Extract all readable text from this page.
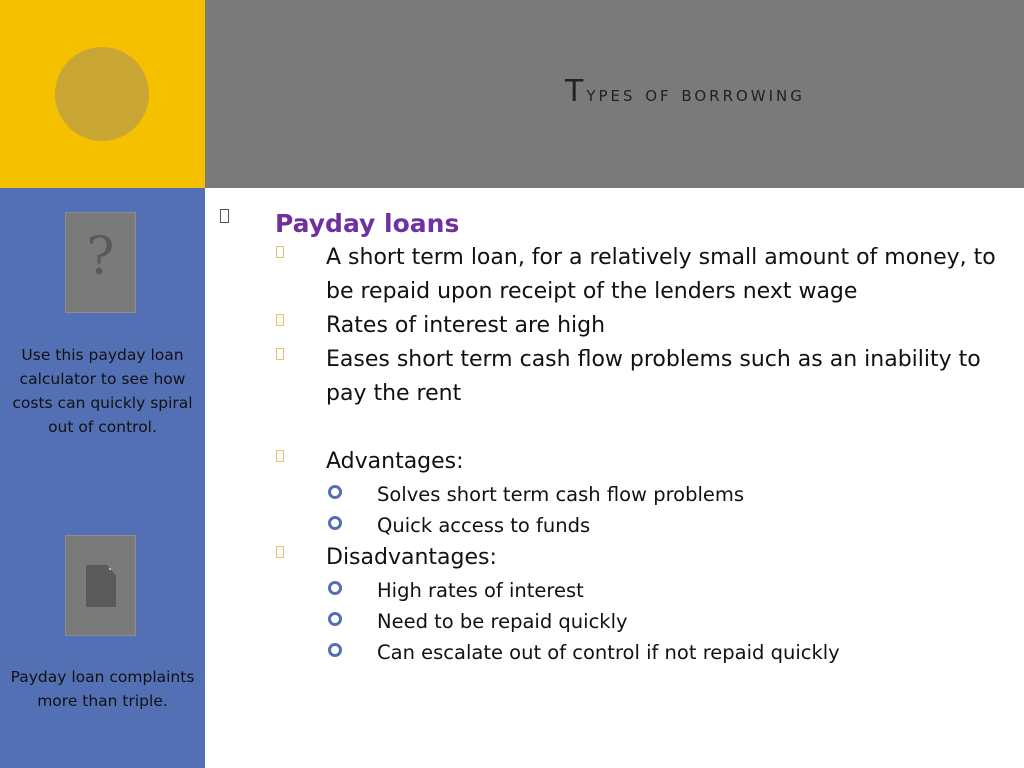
Types of borrowing
?
Use this payday loan calculator to see how costs can quickly spiral out of control.
Payday loan complaints more than triple.
Payday loans
A short term loan, for a relatively small amount of money, to be repaid upon receipt of the lenders next wage
Rates of interest are high
Eases short term cash flow problems such as an inability to pay the rent
Advantages:
Solves short term cash flow problems
Quick access to funds
Disadvantages:
High rates of interest
Need to be repaid quickly
Can escalate out of control if not repaid quickly
